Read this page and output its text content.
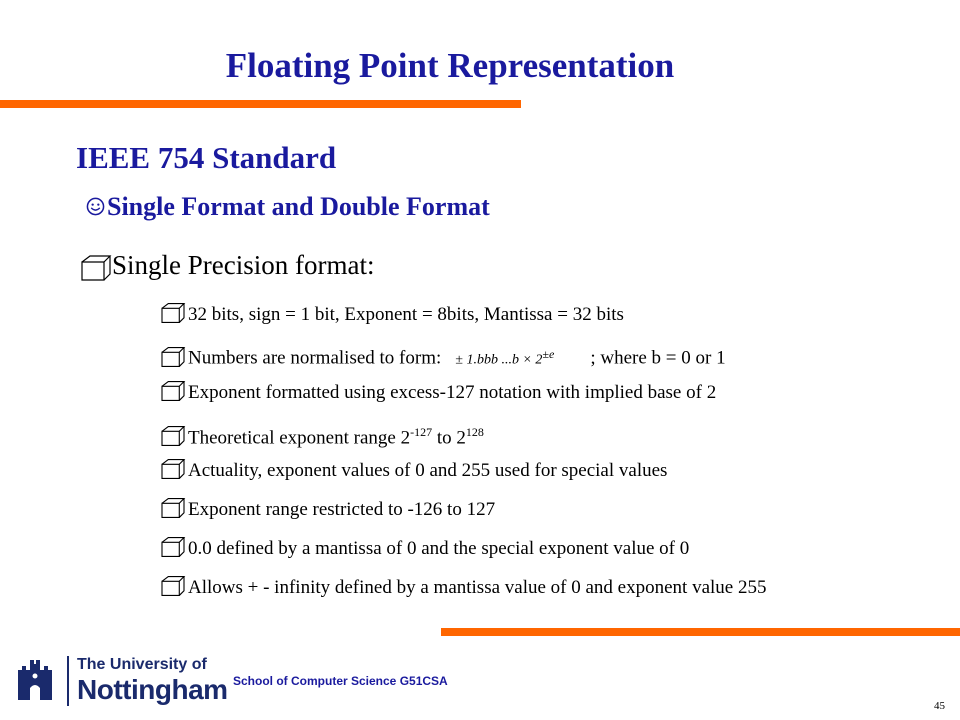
Floating Point Representation
IEEE 754 Standard
Single Format and Double Format
Single Precision format:
32 bits, sign = 1 bit, Exponent = 8bits, Mantissa = 32 bits
Numbers are normalised to form: ± 1.bbb $...b \times 2^{\pm e}$ ; where b = 0 or 1
Exponent formatted using excess-127 notation with implied base of 2
Theoretical exponent range $2^{-127}$ to $2^{128}$
Actuality, exponent values of 0 and 255 used for special values
Exponent range restricted to -126 to 127
0.0 defined by a mantissa of 0 and the special exponent value of 0
Allows + - infinity defined by a mantissa value of 0 and exponent value 255
The University of
Nottingham School of Computer Science G51CSA
45
